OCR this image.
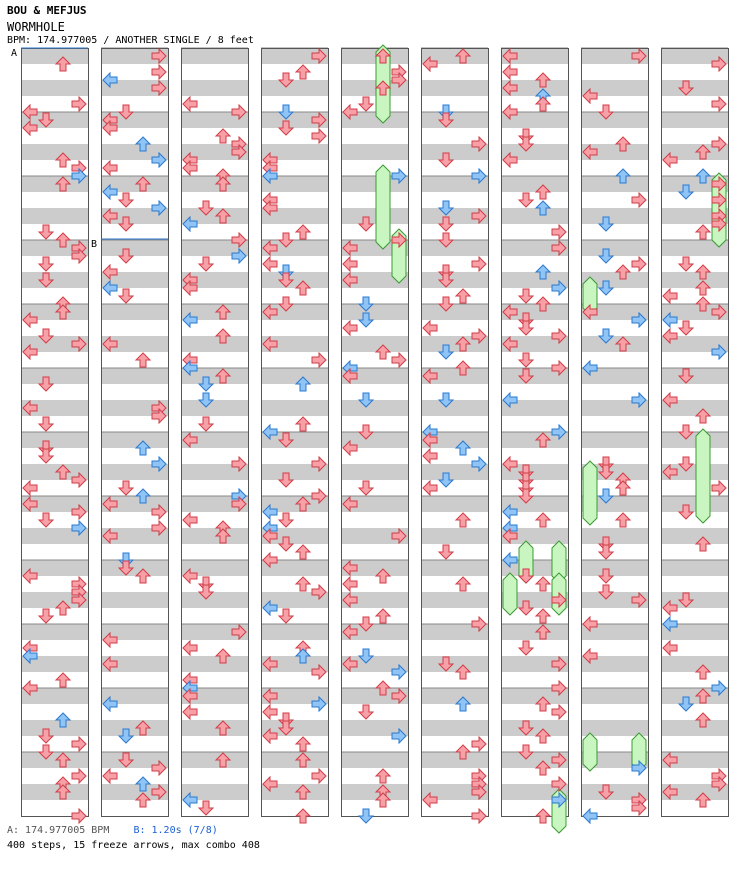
BOU & MEFJUS
WORMHOLE
BPM: 174.977005 / ANOTHER SINGLE / 8 feet
A
B
A: 174.977005 BPM B: 1.20s (7/8)
400 steps, 15 freeze arrows, max combo 408
